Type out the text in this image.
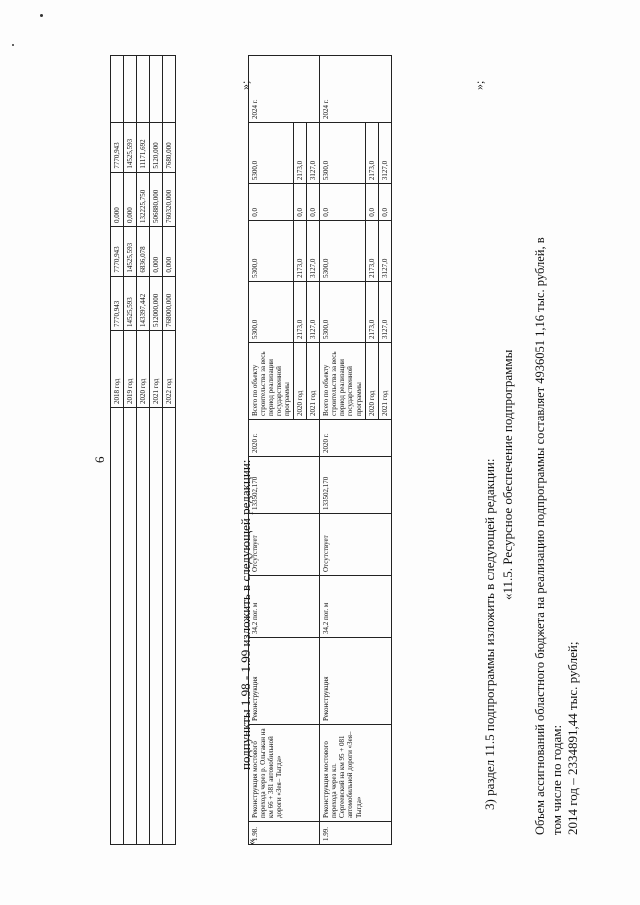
6
	2018 год	7770,943	7770,943	0,000	7770,943	
	2019 год	14525,593	14525,593	0,000	14525,593	
	2020 год	143397,442	6836,078	132225,750	11171,692	
	2021 год	512000,000	0,000	506880,000	5120,000	
	2022 год	768000,000	0,000	760320,000	7680,000	
»;
подпункты 1.98 - 1.99 изложить в следующей редакции:
«
1.98.	Реконструкция мостового перехода через р. Ольгакан на км 66 + 381 автомобильной дороги «Зея– Тыгда»	Реконструкция	34,2 пог. м	Отсутствует	133502,170	2020 г.	Всего по объекту строительства за весь период реализации государственной программы	5300,0	5300,0	0,0	5300,0	2024 г.
							2020 год	2173,0	2173,0	0,0	2173,0	
							2021 год	3127,0	3127,0	0,0	3127,0	
1.99.	Реконструкция мостового перехода через кл. Сергеевский на км 95 + 081 автомобильной дороги «Зея– Тыгда»	Реконструкция	34,2 пог. м	Отсутствует	133502,170	2020 г.	Всего по объекту строительства за весь период реализации государственной программы	5300,0	5300,0	0,0	5300,0	2024 г.
							2020 год	2173,0	2173,0	0,0	2173,0	
							2021 год	3127,0	3127,0	0,0	3127,0	
»;
3) раздел 11.5 подпрограммы изложить в следующей редакции: «11.5. Ресурсное обеспечение подпрограммы Объем ассигнований областного бюджета на реализацию подпрограммы составляет 4936051 1,16 тыс. рублей, в том числе по годам: 2014 год – 2334891,44 тыс. рублей;
